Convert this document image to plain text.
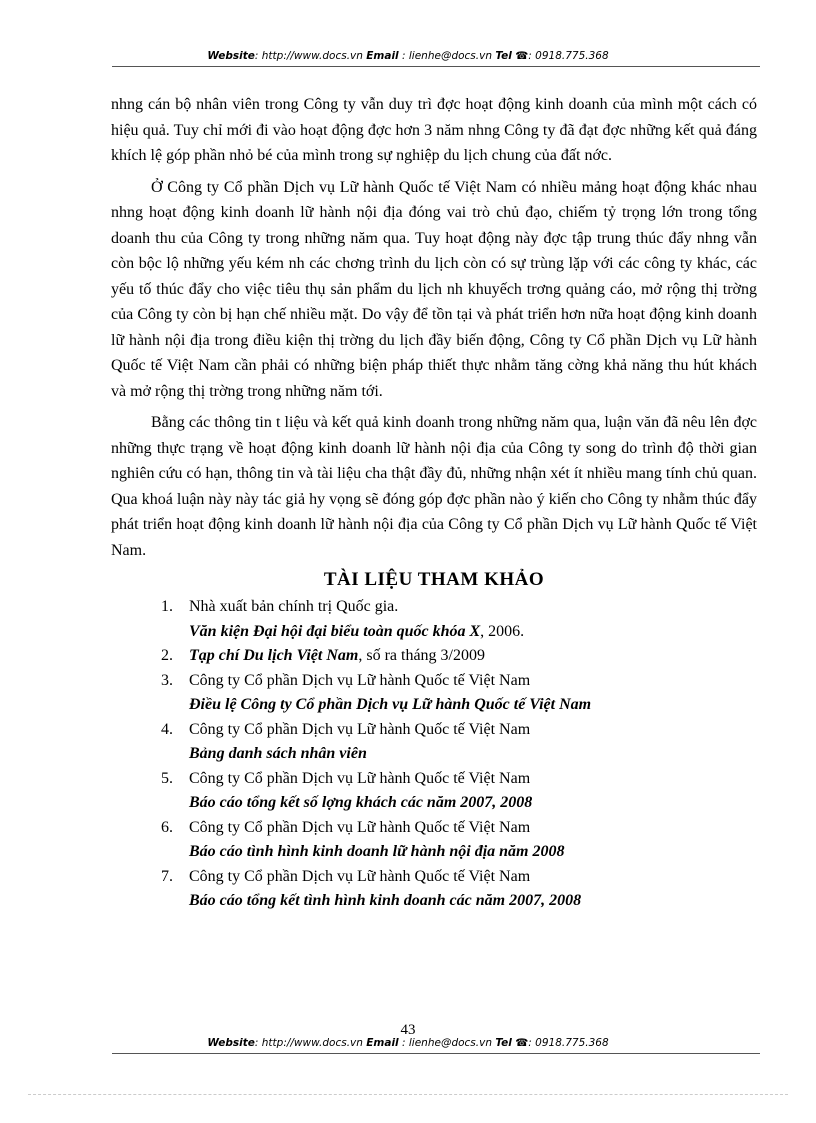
Website: http://www.docs.vn Email : lienhe@docs.vn Tel ☎: 0918.775.368

nhng cán bộ nhân viên trong Công ty vẫn duy trì đợc hoạt động kinh doanh của mình một cách có hiệu quả. Tuy chỉ mới đi vào hoạt động đợc hơn 3 năm nhng Công ty đã đạt đợc những kết quả đáng khích lệ góp phần nhỏ bé của mình trong sự nghiệp du lịch chung của đất nớc.

Ở Công ty Cổ phần Dịch vụ Lữ hành Quốc tế Việt Nam có nhiều mảng hoạt động khác nhau nhng hoạt động kinh doanh lữ hành nội địa đóng vai trò chủ đạo, chiếm tỷ trọng lớn trong tổng doanh thu của Công ty trong những năm qua. Tuy hoạt động này đợc tập trung thúc đẩy nhng vẫn còn bộc lộ những yếu kém nh các chơng trình du lịch còn có sự trùng lặp với các công ty khác, các yếu tố thúc đẩy cho việc tiêu thụ sản phẩm du lịch nh khuyếch trơng quảng cáo, mở rộng thị trờng của Công ty còn bị hạn chế nhiều mặt. Do vậy để tồn tại và phát triển hơn nữa hoạt động kinh doanh lữ hành nội địa trong điều kiện thị trờng du lịch đầy biến động, Công ty Cổ phần Dịch vụ Lữ hành Quốc tế Việt Nam cần phải có những biện pháp thiết thực nhằm tăng cờng khả năng thu hút khách và mở rộng thị trờng trong những năm tới.

Bằng các thông tin t liệu và kết quả kinh doanh trong những năm qua, luận văn đã nêu lên đợc những thực trạng về hoạt động kinh doanh lữ hành nội địa của Công ty song do trình độ thời gian nghiên cứu có hạn, thông tin và tài liệu cha thật đầy đủ, những nhận xét ít nhiều mang tính chủ quan. Qua khoá luận này này tác giả hy vọng sẽ đóng góp đợc phần nào ý kiến cho Công ty nhằm thúc đẩy phát triển hoạt động kinh doanh lữ hành nội địa của Công ty Cổ phần Dịch vụ Lữ hành Quốc tế Việt Nam.

TÀI LIỆU THAM KHẢO
1. Nhà xuất bản chính trị Quốc gia.
Văn kiện Đại hội đại biểu toàn quốc khóa X, 2006.
2. Tạp chí Du lịch Việt Nam, số ra tháng 3/2009
3. Công ty Cổ phần Dịch vụ Lữ hành Quốc tế Việt Nam
Điều lệ Công ty Cổ phần Dịch vụ Lữ hành Quốc tế Việt Nam
4. Công ty Cổ phần Dịch vụ Lữ hành Quốc tế Việt Nam
Bảng danh sách nhân viên
5. Công ty Cổ phần Dịch vụ Lữ hành Quốc tế Việt Nam
Báo cáo tổng kết số lợng khách các năm 2007, 2008
6. Công ty Cổ phần Dịch vụ Lữ hành Quốc tế Việt Nam
Báo cáo tình hình kinh doanh lữ hành nội địa năm 2008
7. Công ty Cổ phần Dịch vụ Lữ hành Quốc tế Việt Nam
Báo cáo tổng kết tình hình kinh doanh các năm 2007, 2008
43
Website: http://www.docs.vn Email : lienhe@docs.vn Tel ☎: 0918.775.368
